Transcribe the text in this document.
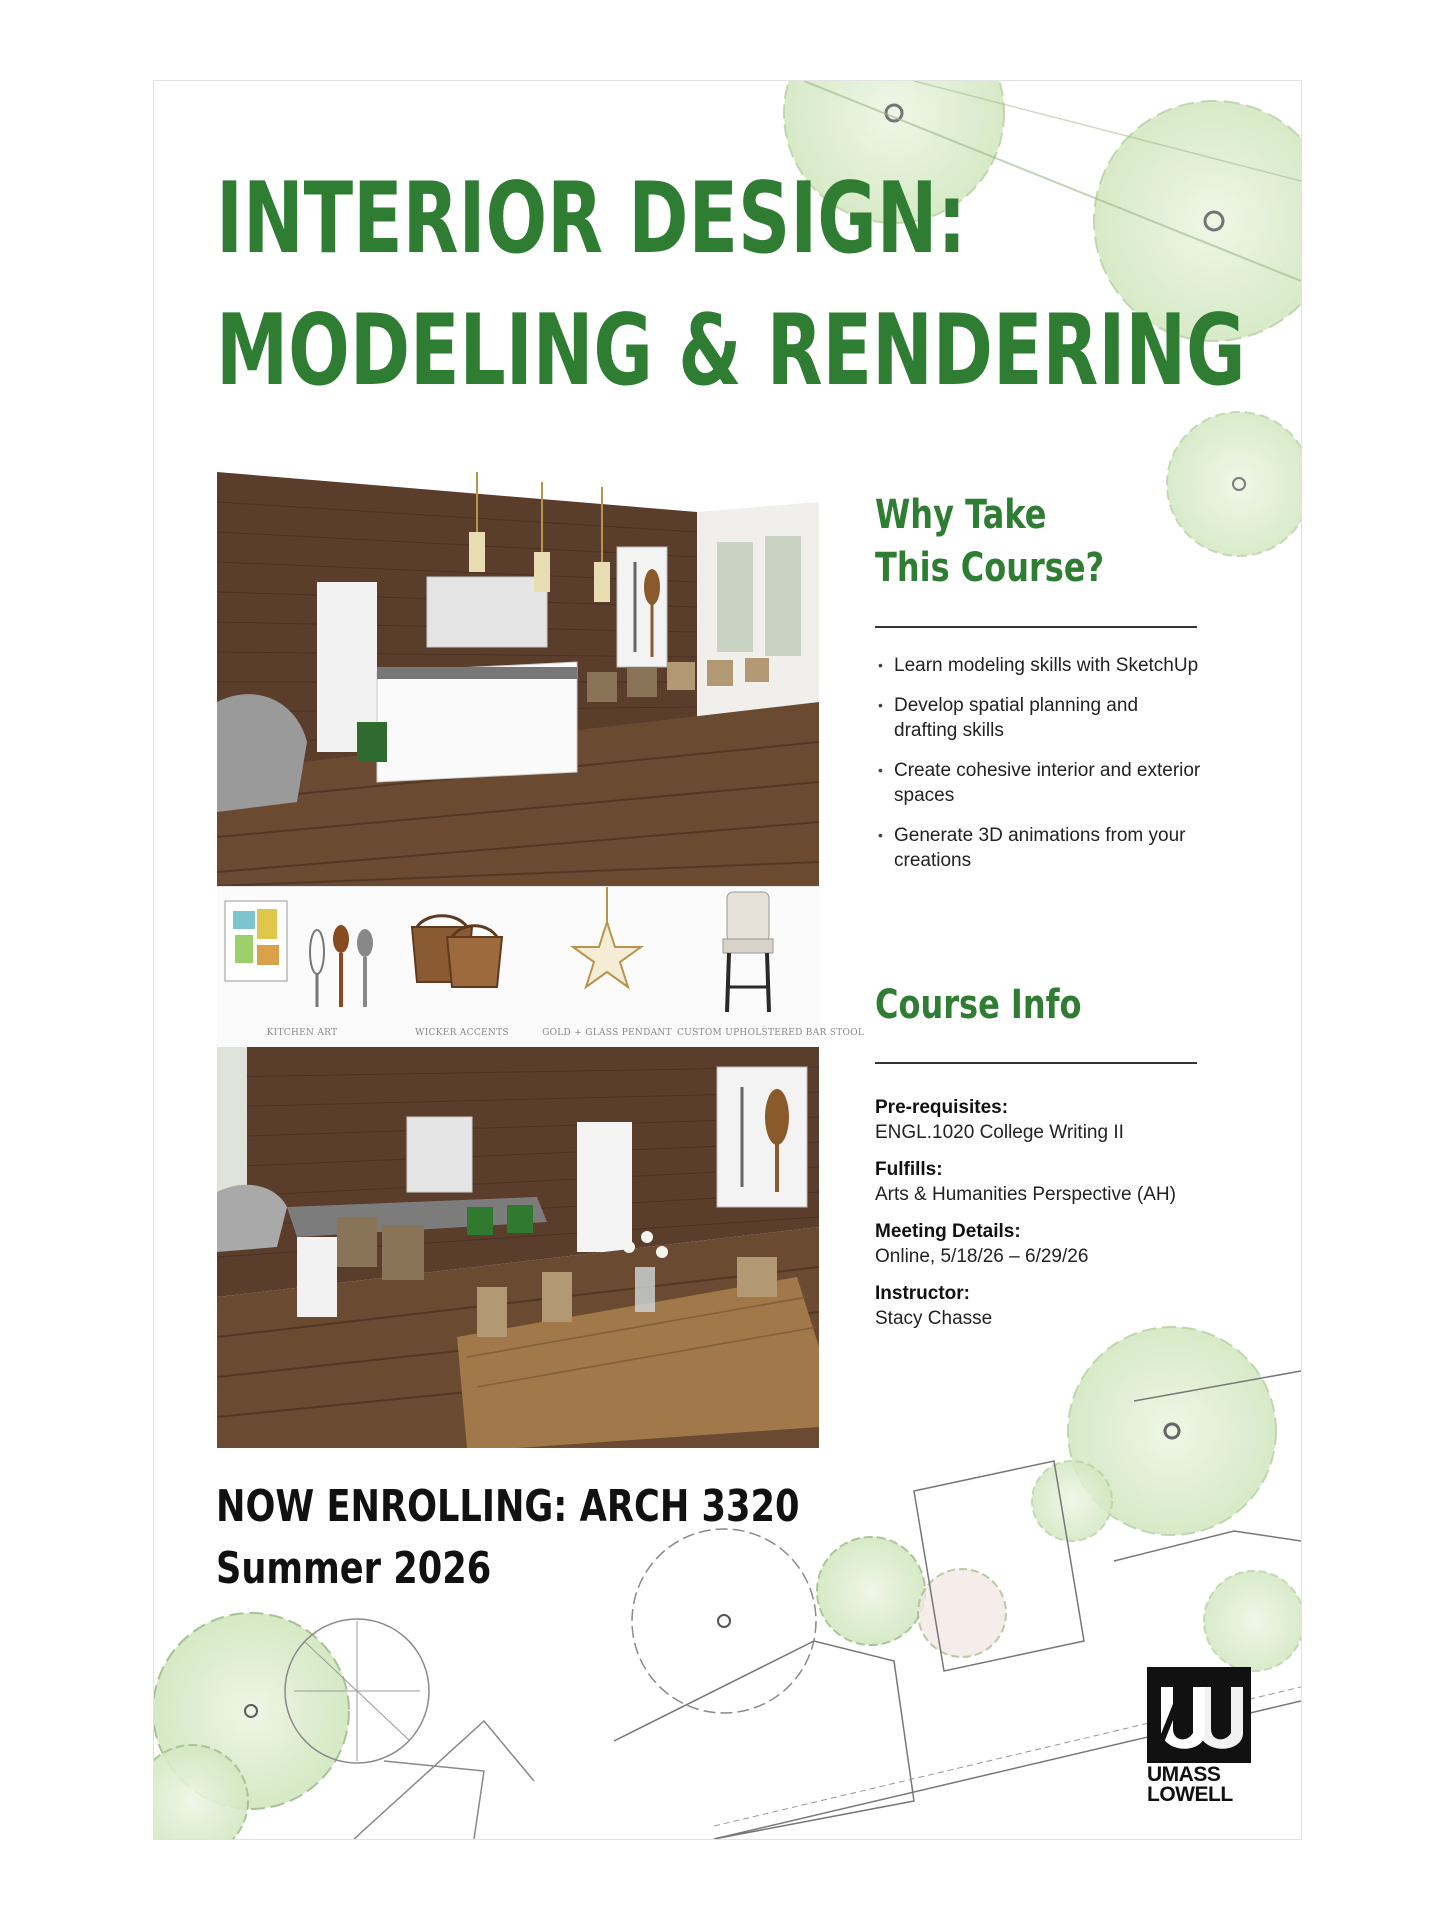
INTERIOR DESIGN:
MODELING & RENDERING
KITCHEN ART	WICKER ACCENTS	GOLD + GLASS PENDANT CUSTOM UPHOLSTERED BAR STOOL
Why Take
This Course?
• Learn modeling skills with SketchUp
• Develop spatial planning and drafting skills
• Create cohesive interior and exterior spaces
• Generate 3D animations from your creations
Course Info
Pre-requisites:
ENGL.1020 College Writing II
Fulfills:
Arts & Humanities Perspective (AH)
Meeting Details:
Online, 5/18/26 – 6/29/26
Instructor:
Stacy Chasse
NOW ENROLLING: ARCH 3320
Summer 2026
UMASS
LOWELL
